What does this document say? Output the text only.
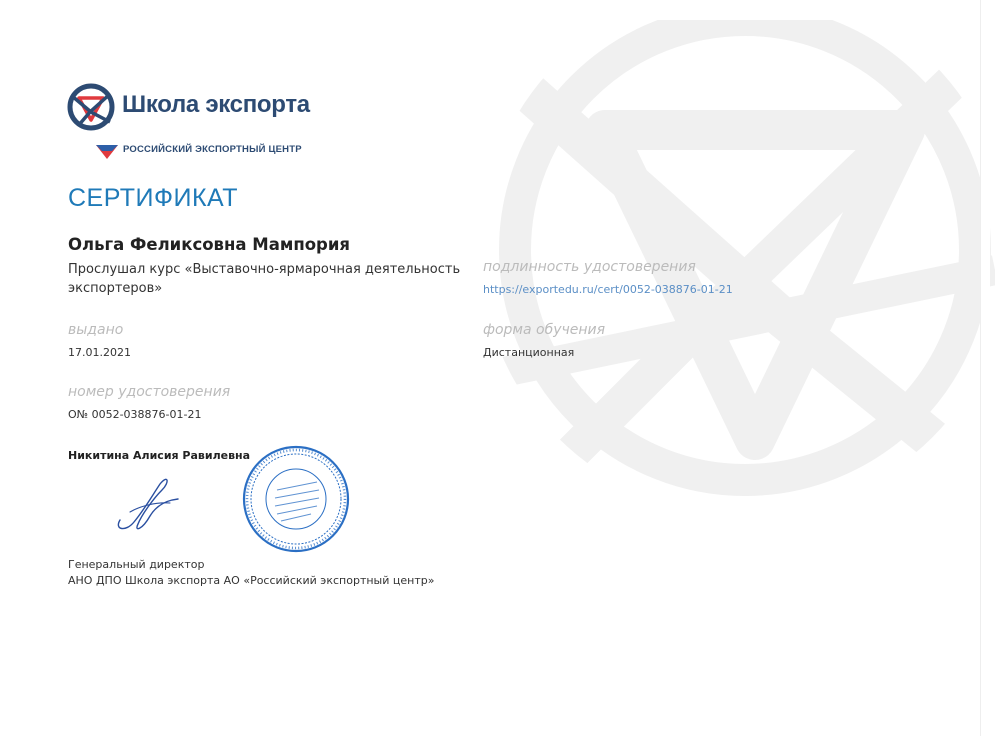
Школа экспорта
РОССИЙСКИЙ ЭКСПОРТНЫЙ ЦЕНТР
СЕРТИФИКАТ
Ольга Феликсовна Мампория
Прослушал курс «Выставочно-ярмарочная деятельность экспортеров»
выдано
17.01.2021
номер удостоверения
О№ 0052-038876-01-21
подлинность удостоверения
https://exportedu.ru/cert/0052-038876-01-21
форма обучения
Дистанционная
Никитина Алисия Равилевна
Генеральный директор
АНО ДПО Школа экспорта АО «Российский экспортный центр»
